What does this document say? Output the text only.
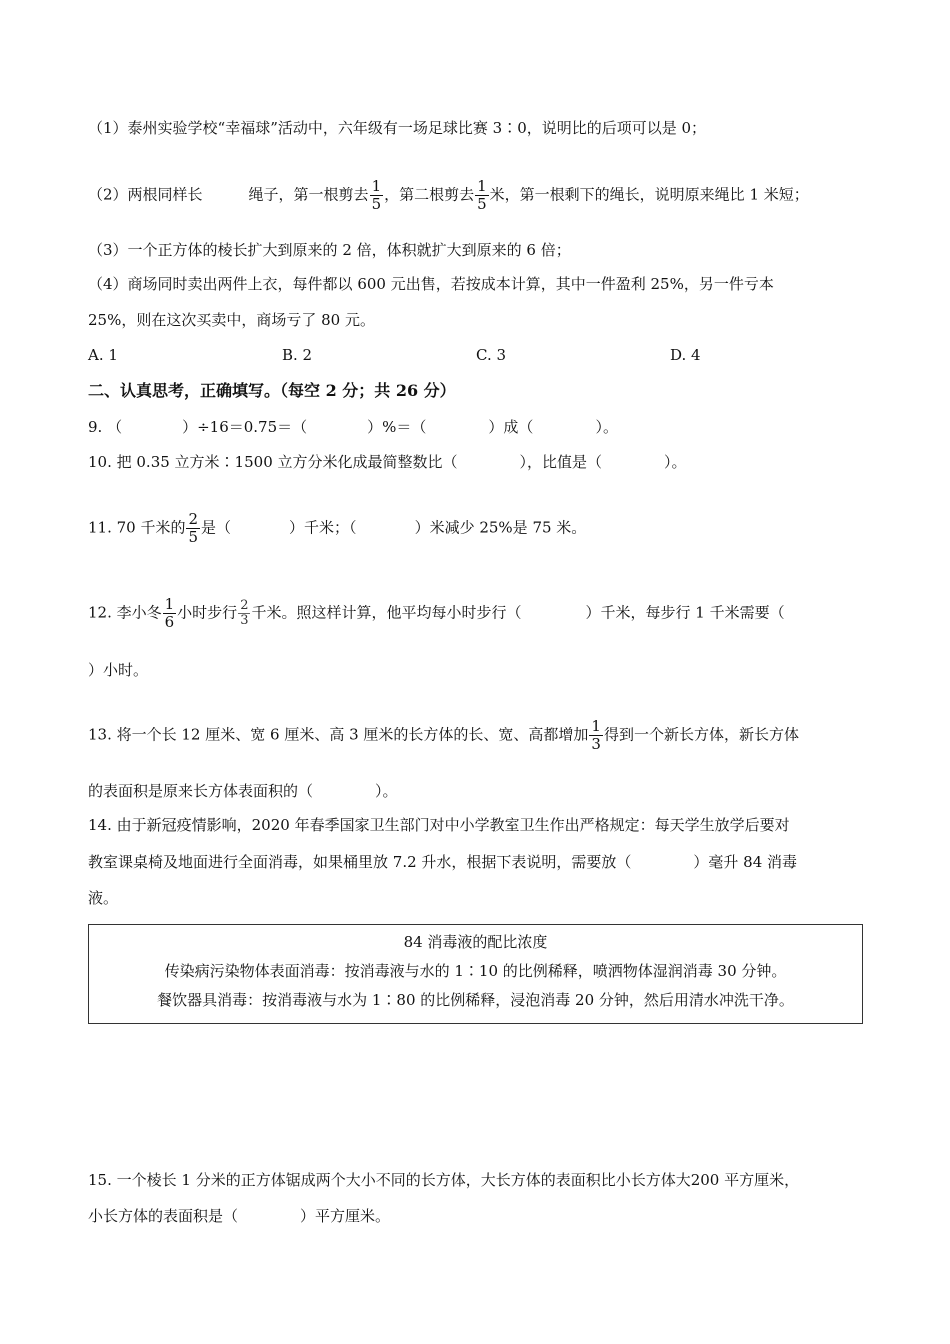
（1）泰州实验学校“幸福球”活动中，六年级有一场足球比赛 3∶0，说明比的后项可以是 0；
（2）两根同样长	绳子，第一根剪去 $\frac{1}{5}$ ，第二根剪去 $\frac{1}{5}$ 米，第一根剩下的绳长，说明原来绳比 1 米短；
（3）一个正方体的棱长扩大到原来的 2 倍，体积就扩大到原来的 6 倍；
（4）商场同时卖出两件上衣，每件都以 600 元出售，若按成本计算，其中一件盈利 25%，另一件亏本
25%，则在这次买卖中，商场亏了 80 元。
A. 1	B. 2	C. 3	D. 4
二、认真思考，正确填写。（每空 2 分；共 26 分）
9. （	）÷16＝0.75＝（	）%＝（	）成（	）。
10. 把 0.35 立方米∶1500 立方分米化成最简整数比（	），比值是（	）。
11. 70 千米的 $\frac{2}{5}$ 是（	）千米；（	）米减少 25%是 75 米。
12. 李小冬 $\frac{1}{6}$ 小时步行 $\frac{2}{3}$ 千米。照这样计算，他平均每小时步行（	）千米，每步行 1 千米需要（
）小时。
13. 将一个长 12 厘米、宽 6 厘米、高 3 厘米的长方体的长、宽、高都增加 $\frac{1}{3}$ 得到一个新长方体，新长方体
的表面积是原来长方体表面积的（	）。
14. 由于新冠疫情影响，2020 年春季国家卫生部门对中小学教室卫生作出严格规定：每天学生放学后要对
教室课桌椅及地面进行全面消毒，如果桶里放 7.2 升水，根据下表说明，需要放（	）毫升 84 消毒
液。
84 消毒液的配比浓度
传染病污染物体表面消毒：按消毒液与水的 1∶10 的比例稀释，喷洒物体湿润消毒 30 分钟。
餐饮器具消毒：按消毒液与水为 1∶80 的比例稀释，浸泡消毒 20 分钟，然后用清水冲洗干净。
15. 一个棱长 1 分米的正方体锯成两个大小不同的长方体，大长方体的表面积比小长方体大200 平方厘米，
小长方体的表面积是（	）平方厘米。
